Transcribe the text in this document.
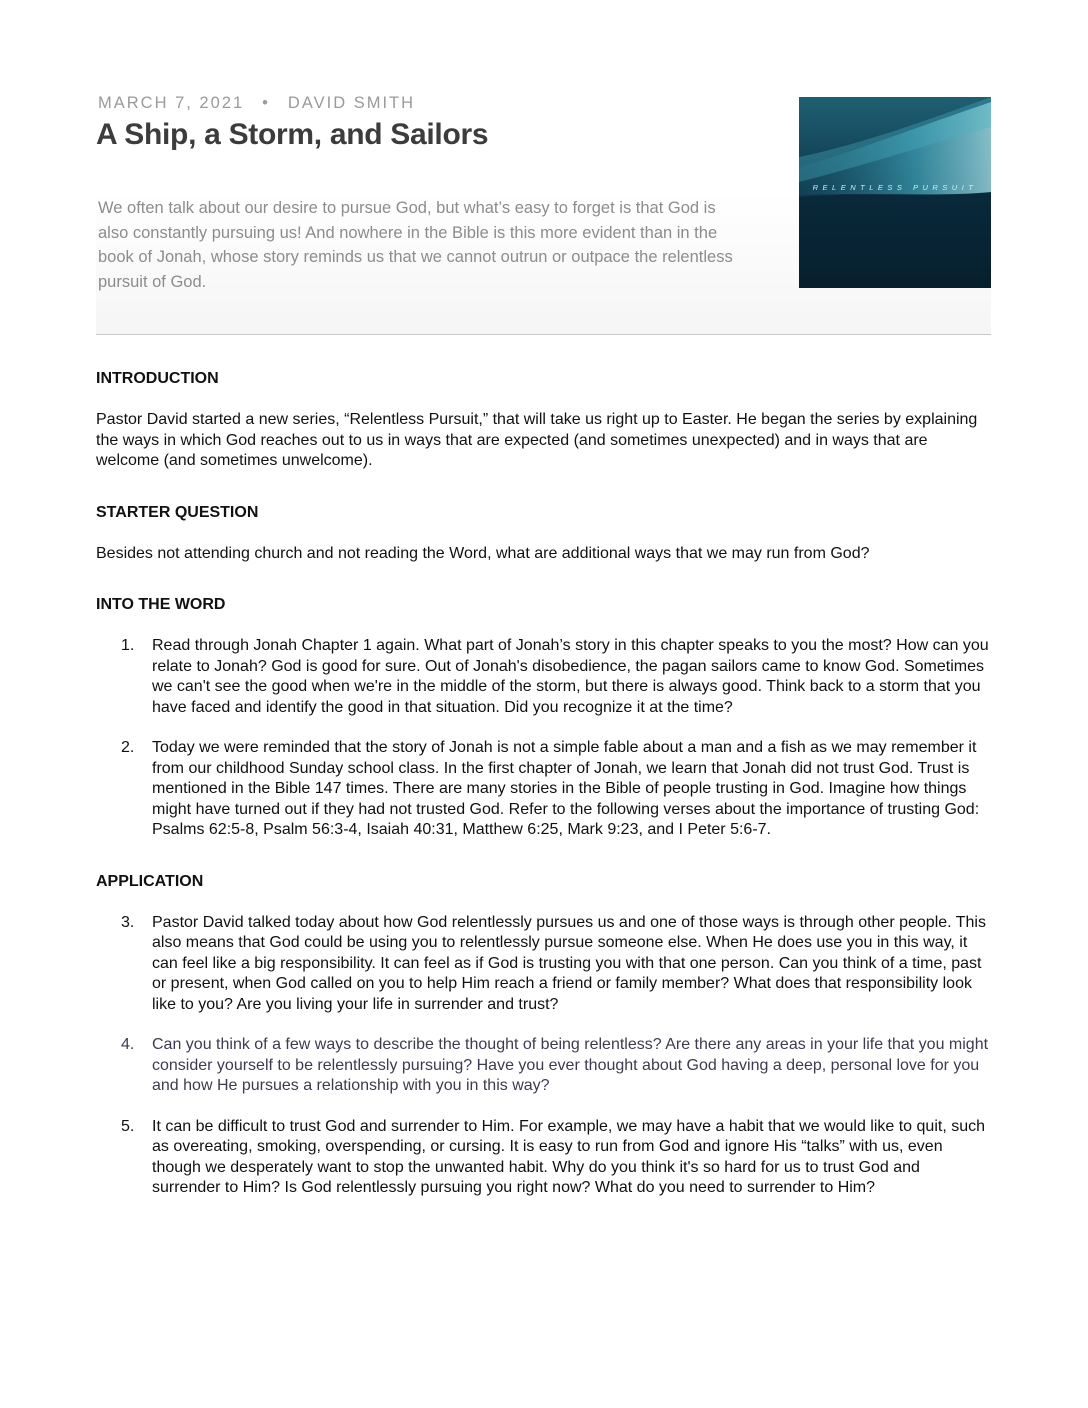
MARCH 7, 2021 • DAVID SMITH
A Ship, a Storm, and Sailors

We often talk about our desire to pursue God, but what’s easy to forget is that God is also constantly pursuing us! And nowhere in the Bible is this more evident than in the book of Jonah, whose story reminds us that we cannot outrun or outpace the relentless pursuit of God.

RELENTLESS PURSUIT
INTRODUCTION

Pastor David started a new series, “Relentless Pursuit,” that will take us right up to Easter. He began the series by explaining the ways in which God reaches out to us in ways that are expected (and sometimes unexpected) and in ways that are welcome (and sometimes unwelcome).

STARTER QUESTION

Besides not attending church and not reading the Word, what are additional ways that we may run from God?

INTO THE WORD
1. Read through Jonah Chapter 1 again. What part of Jonah’s story in this chapter speaks to you the most? How can you relate to Jonah? God is good for sure. Out of Jonah's disobedience, the pagan sailors came to know God. Sometimes we can't see the good when we're in the middle of the storm, but there is always good. Think back to a storm that you have faced and identify the good in that situation. Did you recognize it at the time?

2. Today we were reminded that the story of Jonah is not a simple fable about a man and a fish as we may remember it from our childhood Sunday school class. In the first chapter of Jonah, we learn that Jonah did not trust God. Trust is mentioned in the Bible 147 times. There are many stories in the Bible of people trusting in God. Imagine how things might have turned out if they had not trusted God. Refer to the following verses about the importance of trusting God: Psalms 62:5-8, Psalm 56:3-4, Isaiah 40:31, Matthew 6:25, Mark 9:23, and I Peter 5:6-7.

APPLICATION
3. Pastor David talked today about how God relentlessly pursues us and one of those ways is through other people. This also means that God could be using you to relentlessly pursue someone else. When He does use you in this way, it can feel like a big responsibility. It can feel as if God is trusting you with that one person. Can you think of a time, past or present, when God called on you to help Him reach a friend or family member? What does that responsibility look like to you? Are you living your life in surrender and trust?

4. Can you think of a few ways to describe the thought of being relentless? Are there any areas in your life that you might consider yourself to be relentlessly pursuing? Have you ever thought about God having a deep, personal love for you and how He pursues a relationship with you in this way?

5. It can be difficult to trust God and surrender to Him. For example, we may have a habit that we would like to quit, such as overeating, smoking, overspending, or cursing. It is easy to run from God and ignore His “talks” with us, even though we desperately want to stop the unwanted habit. Why do you think it's so hard for us to trust God and surrender to Him? Is God relentlessly pursuing you right now? What do you need to surrender to Him?
